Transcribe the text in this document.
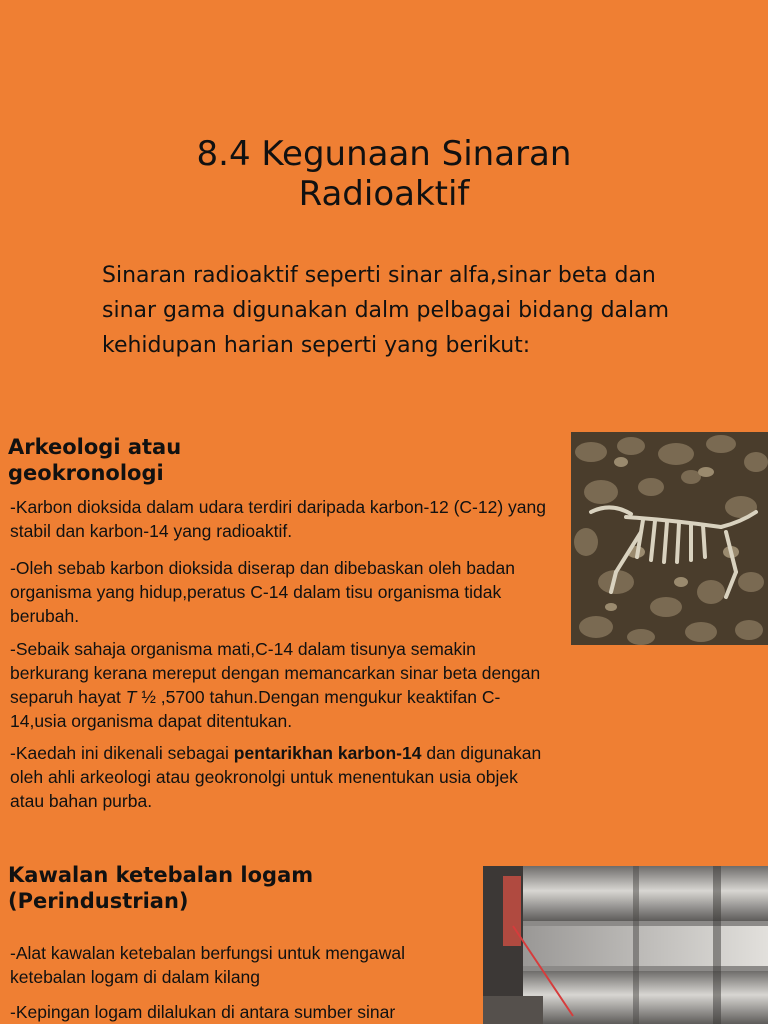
8.4 Kegunaan Sinaran
Radioaktif
Sinaran radioaktif seperti sinar alfa,sinar beta dan sinar gama digunakan dalm pelbagai bidang dalam kehidupan harian seperti yang berikut:
Arkeologi atau
geokronologi
-Karbon dioksida dalam udara terdiri daripada karbon-12 (C-12) yang stabil dan karbon-14 yang radioaktif.
-Oleh sebab karbon dioksida diserap dan dibebaskan oleh badan organisma yang hidup,peratus C-14 dalam tisu organisma tidak berubah.
-Sebaik sahaja organisma mati,C-14 dalam tisunya semakin berkurang kerana mereput dengan memancarkan sinar beta dengan separuh hayat T ½ ,5700 tahun.Dengan mengukur keaktifan C-14,usia organisma dapat ditentukan.
-Kaedah ini dikenali sebagai pentarikhan karbon-14 dan digunakan oleh ahli arkeologi atau geokronolgi untuk menentukan usia objek atau bahan purba.
Kawalan ketebalan logam
(Perindustrian)
-Alat kawalan ketebalan berfungsi untuk mengawal ketebalan logam di dalam kilang
-Kepingan logam dilalukan di antara sumber sinar
